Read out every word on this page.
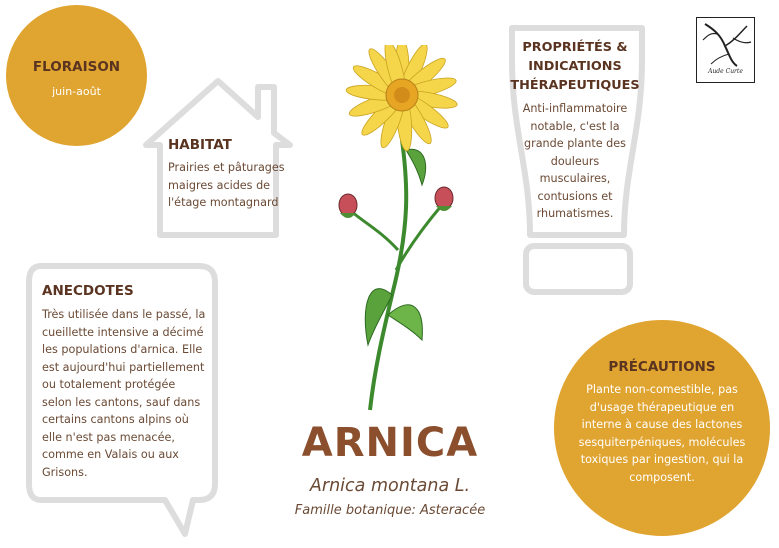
FLORAISON
juin-août
HABITAT
Prairies et pâturages
maigres acides de
l'étage montagnard
PROPRIÉTÉS &
INDICATIONS
THÉRAPEUTIQUES
Anti-inflammatoire
notable, c'est la
grande plante des
douleurs
musculaires,
contusions et
rhumatismes.
ANECDOTES
Très utilisée dans le passé, la
cueillette intensive a décimé
les populations d'arnica. Elle
est aujourd'hui partiellement
ou totalement protégée
selon les cantons, sauf dans
certains cantons alpins où
elle n'est pas menacée,
comme en Valais ou aux
Grisons.
PRÉCAUTIONS
Plante non-comestible, pas
d'usage thérapeutique en
interne à cause des lactones
sesquiterpéniques, molécules
toxiques par ingestion, qui la
composent.
ARNICA
Arnica montana L.
Famille botanique: Asteracée
Aude Curte
